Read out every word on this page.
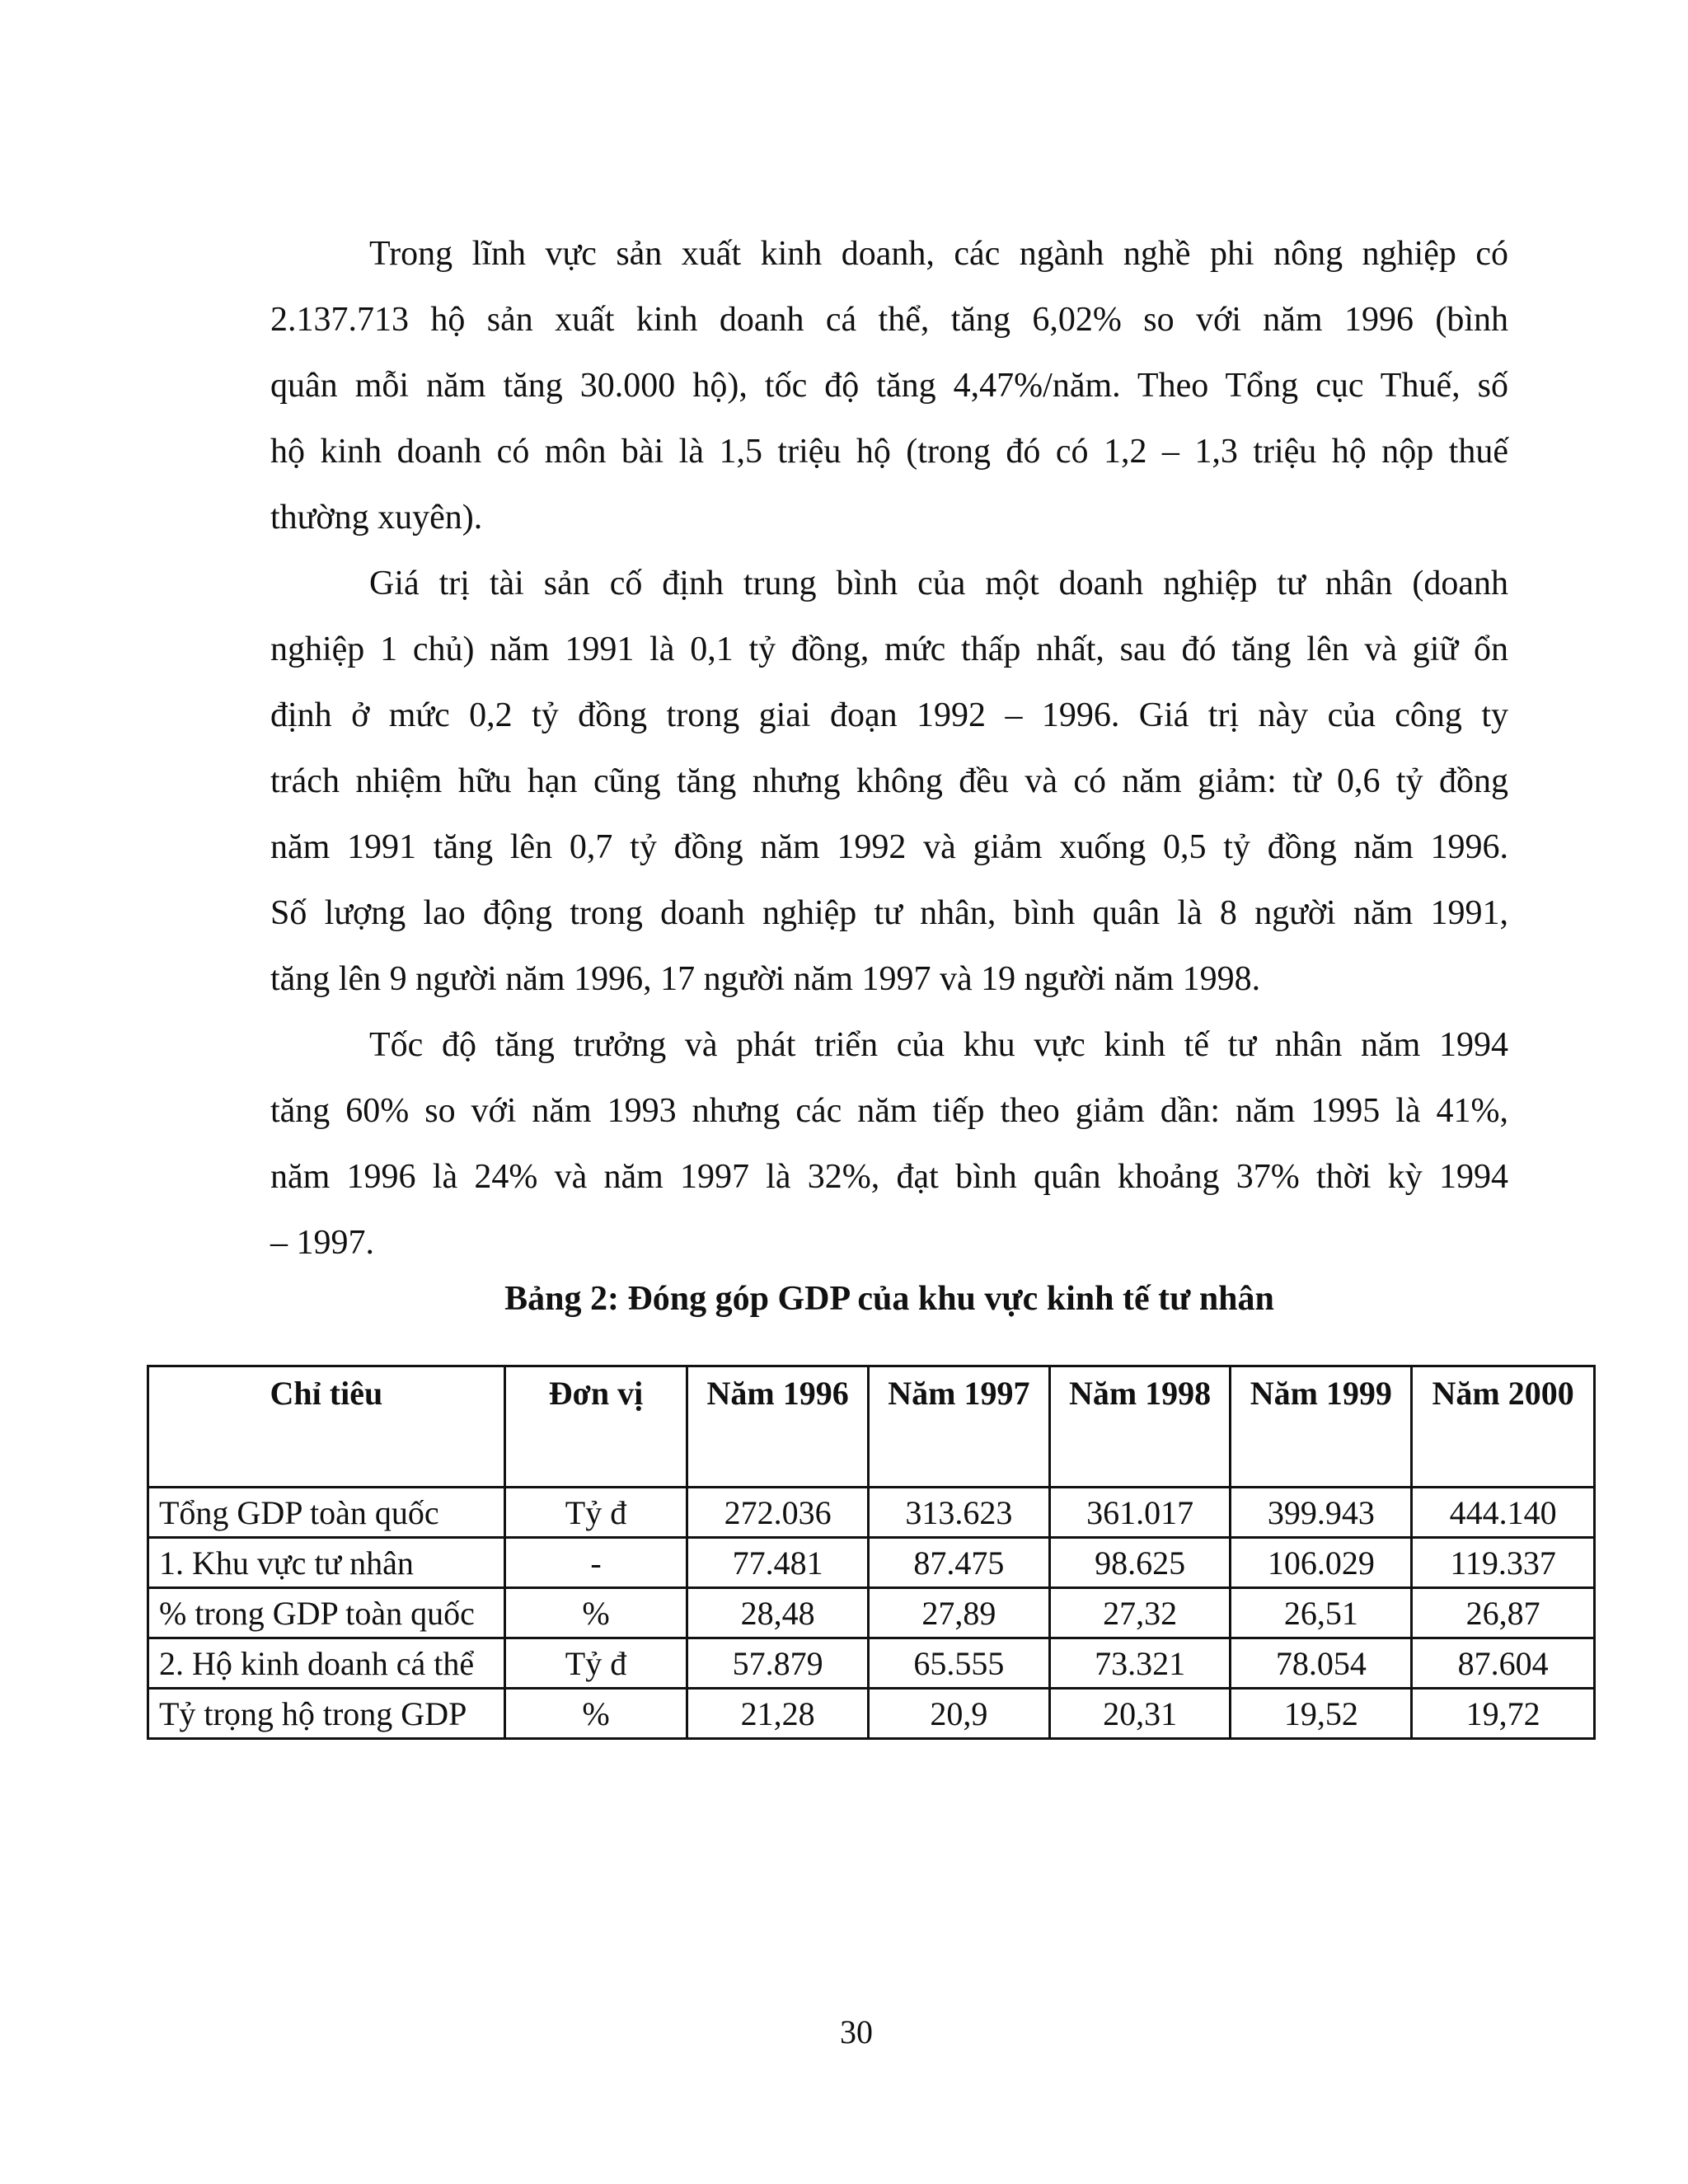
Trong lĩnh vực sản xuất kinh doanh, các ngành nghề phi nông nghiệp có
2.137.713 hộ sản xuất kinh doanh cá thể, tăng 6,02% so với năm 1996 (bình
quân mỗi năm tăng 30.000 hộ), tốc độ tăng 4,47%/năm. Theo Tổng cục Thuế, số
hộ kinh doanh có môn bài là 1,5 triệu hộ (trong đó có 1,2 – 1,3 triệu hộ nộp thuế
thường xuyên).

Giá trị tài sản cố định trung bình của một doanh nghiệp tư nhân (doanh
nghiệp 1 chủ) năm 1991 là 0,1 tỷ đồng, mức thấp nhất, sau đó tăng lên và giữ ổn
định ở mức 0,2 tỷ đồng trong giai đoạn 1992 – 1996. Giá trị này của công ty
trách nhiệm hữu hạn cũng tăng nhưng không đều và có năm giảm: từ 0,6 tỷ đồng
năm 1991 tăng lên 0,7 tỷ đồng năm 1992 và giảm xuống 0,5 tỷ đồng năm 1996.
Số lượng lao động trong doanh nghiệp tư nhân, bình quân là 8 người năm 1991,
tăng lên 9 người năm 1996, 17 người năm 1997 và 19 người năm 1998.

Tốc độ tăng trưởng và phát triển của khu vực kinh tế tư nhân năm 1994
tăng 60% so với năm 1993 nhưng các năm tiếp theo giảm dần: năm 1995 là 41%,
năm 1996 là 24% và năm 1997 là 32%, đạt bình quân khoảng 37% thời kỳ 1994
– 1997.

Bảng 2: Đóng góp GDP của khu vực kinh tế tư nhân
Chỉ tiêu	Đơn vị	Năm 1996	Năm 1997	Năm 1998	Năm 1999	Năm 2000
Tổng GDP toàn quốc	Tỷ đ	272.036	313.623	361.017	399.943	444.140
1. Khu vực tư nhân	-	77.481	87.475	98.625	106.029	119.337
% trong GDP toàn quốc	%	28,48	27,89	27,32	26,51	26,87
2. Hộ kinh doanh cá thể	Tỷ đ	57.879	65.555	73.321	78.054	87.604
Tỷ trọng hộ trong GDP	%	21,28	20,9	20,31	19,52	19,72
30
